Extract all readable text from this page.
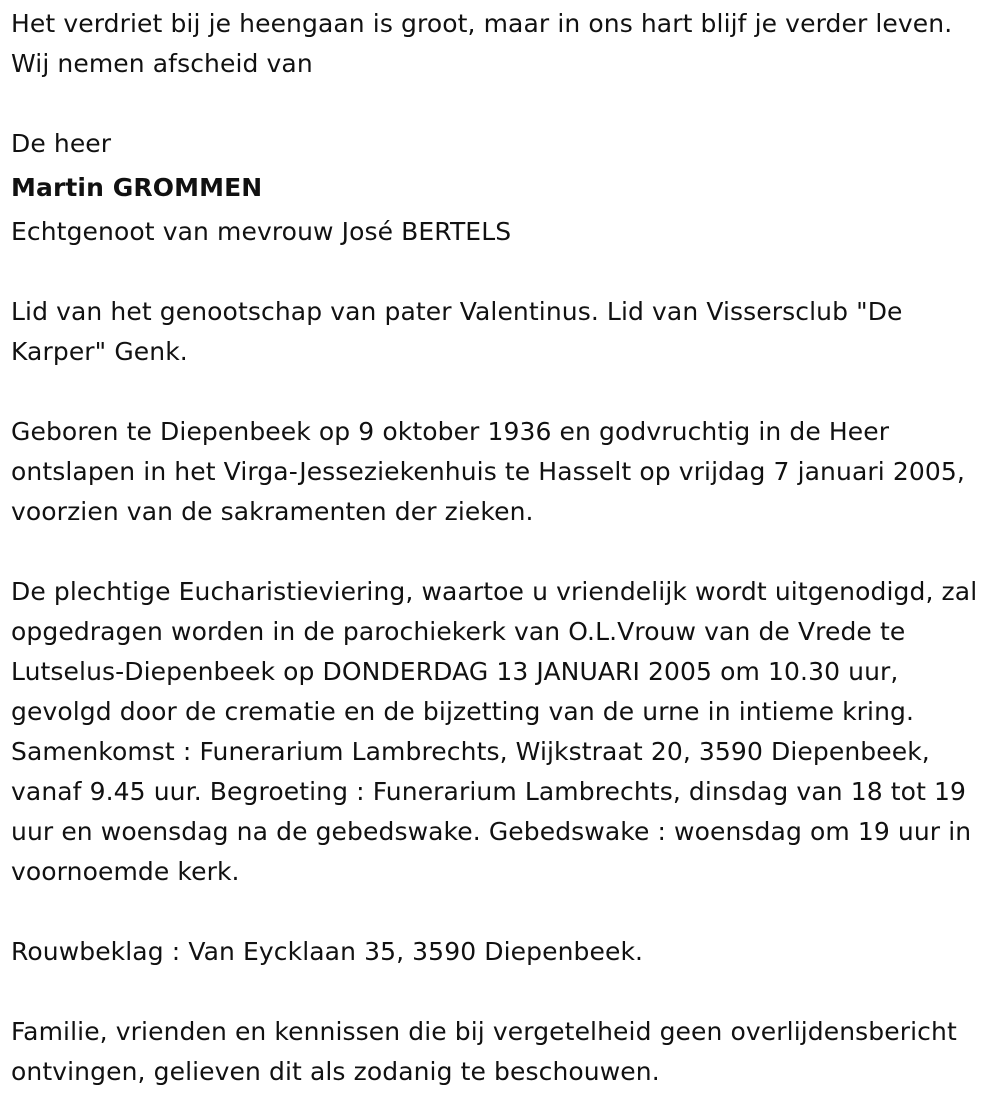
Het verdriet bij je heengaan is groot, maar in ons hart blijf je verder leven. Wij nemen afscheid van

De heer

Martin GROMMEN

Echtgenoot van mevrouw José BERTELS

Lid van het genootschap van pater Valentinus. Lid van Vissersclub "De Karper" Genk.

Geboren te Diepenbeek op 9 oktober 1936 en godvruchtig in de Heer ontslapen in het Virga-Jesseziekenhuis te Hasselt op vrijdag 7 januari 2005, voorzien van de sakramenten der zieken.

De plechtige Eucharistieviering, waartoe u vriendelijk wordt uitgenodigd, zal opgedragen worden in de parochiekerk van O.L.Vrouw van de Vrede te Lutselus-Diepenbeek op DONDERDAG 13 JANUARI 2005 om 10.30 uur, gevolgd door de crematie en de bijzetting van de urne in intieme kring. Samenkomst : Funerarium Lambrechts, Wijkstraat 20, 3590 Diepenbeek, vanaf 9.45 uur. Begroeting : Funerarium Lambrechts, dinsdag van 18 tot 19 uur en woensdag na de gebedswake. Gebedswake : woensdag om 19 uur in voornoemde kerk.

Rouwbeklag : Van Eycklaan 35, 3590 Diepenbeek.

Familie, vrienden en kennissen die bij vergetelheid geen overlijdensbericht ontvingen, gelieven dit als zodanig te beschouwen.
